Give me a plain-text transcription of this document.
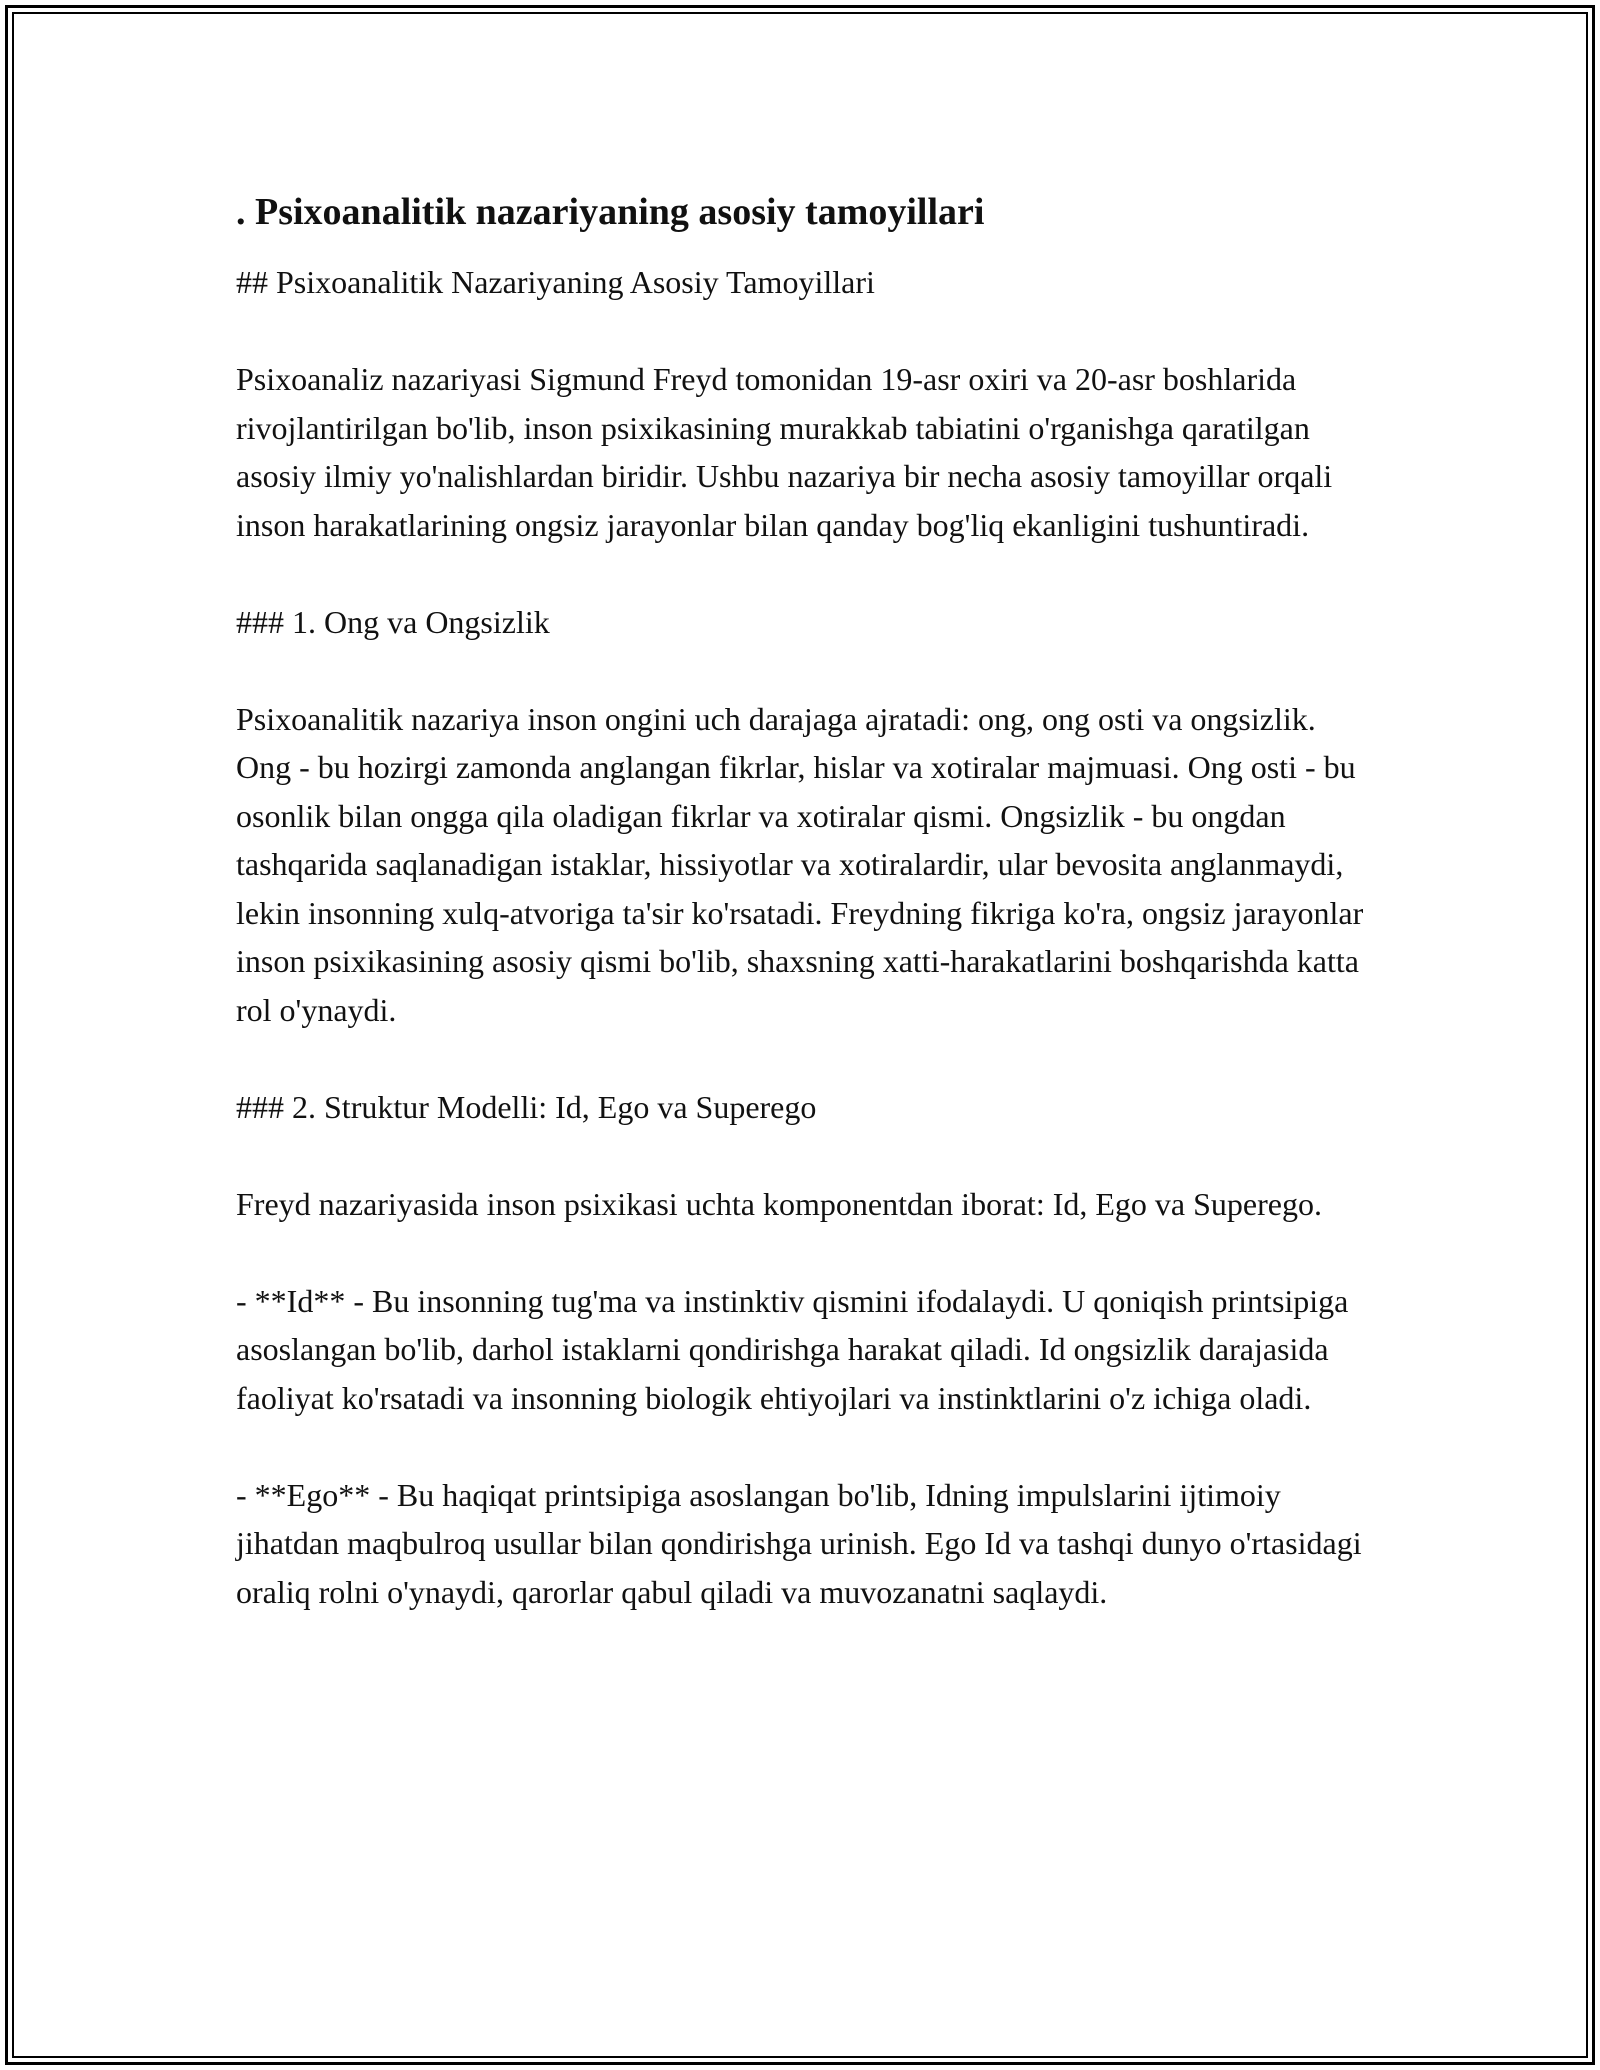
. Psixoanalitik nazariyaning asosiy tamoyillari
## Psixoanalitik Nazariyaning Asosiy Tamoyillari
Psixoanaliz nazariyasi Sigmund Freyd tomonidan 19-asr oxiri va 20-asr boshlarida rivojlantirilgan bo'lib, inson psixikasining murakkab tabiatini o'rganishga qaratilgan asosiy ilmiy yo'nalishlardan biridir. Ushbu nazariya bir necha asosiy tamoyillar orqali inson harakatlarining ongsiz jarayonlar bilan qanday bog'liq ekanligini tushuntiradi.
### 1. Ong va Ongsizlik
Psixoanalitik nazariya inson ongini uch darajaga ajratadi: ong, ong osti va ongsizlik. Ong - bu hozirgi zamonda anglangan fikrlar, hislar va xotiralar majmuasi. Ong osti - bu osonlik bilan ongga qila oladigan fikrlar va xotiralar qismi. Ongsizlik - bu ongdan tashqarida saqlanadigan istaklar, hissiyotlar va xotiralardir, ular bevosita anglanmaydi, lekin insonning xulq-atvoriga ta'sir ko'rsatadi. Freydning fikriga ko'ra, ongsiz jarayonlar inson psixikasining asosiy qismi bo'lib, shaxsning xatti-harakatlarini boshqarishda katta rol o'ynaydi.
### 2. Struktur Modelli: Id, Ego va Superego
Freyd nazariyasida inson psixikasi uchta komponentdan iborat: Id, Ego va Superego.
- **Id** - Bu insonning tug'ma va instinktiv qismini ifodalaydi. U qoniqish printsipiga asoslangan bo'lib, darhol istaklarni qondirishga harakat qiladi. Id ongsizlik darajasida faoliyat ko'rsatadi va insonning biologik ehtiyojlari va instinktlarini o'z ichiga oladi.
- **Ego** - Bu haqiqat printsipiga asoslangan bo'lib, Idning impulslarini ijtimoiy jihatdan maqbulroq usullar bilan qondirishga urinish. Ego Id va tashqi dunyo o'rtasidagi oraliq rolni o'ynaydi, qarorlar qabul qiladi va muvozanatni saqlaydi.
